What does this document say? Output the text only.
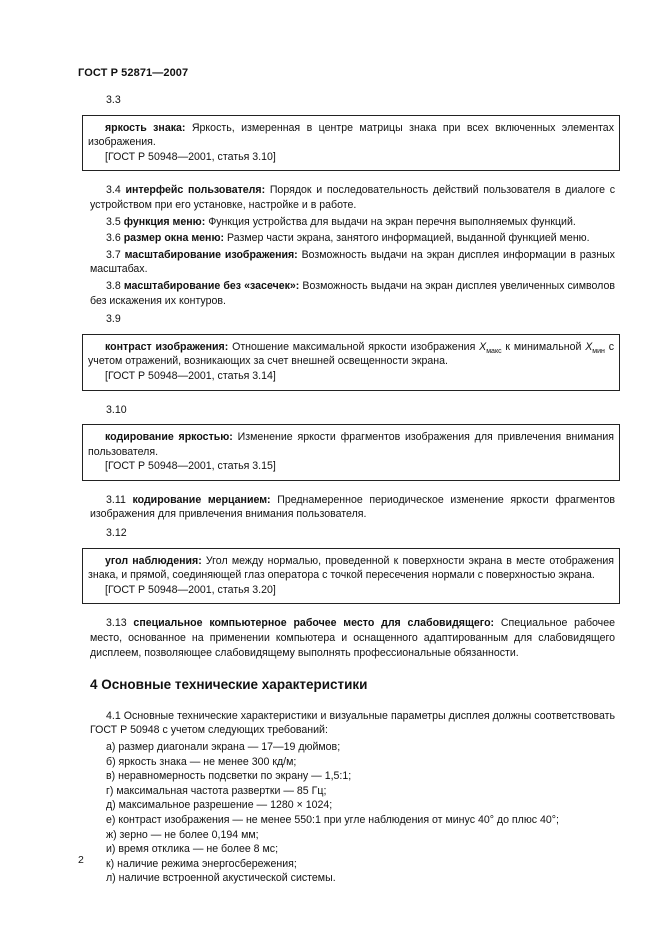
ГОСТ Р 52871—2007
3.3

яркость знака: Яркость, измеренная в центре матрицы знака при всех включенных элементах изображения.

[ГОСТ Р 50948—2001, статья 3.10]

3.4 интерфейс пользователя: Порядок и последовательность действий пользователя в диалоге с устройством при его установке, настройке и в работе.

3.5 функция меню: Функция устройства для выдачи на экран перечня выполняемых функций.

3.6 размер окна меню: Размер части экрана, занятого информацией, выданной функцией меню.

3.7 масштабирование изображения: Возможность выдачи на экран дисплея информации в разных масштабах.

3.8 масштабирование без «засечек»: Возможность выдачи на экран дисплея увеличенных символов без искажения их контуров.

3.9

контраст изображения: Отношение максимальной яркости изображения $X_{макс}$ к минимальной $X_{мин}$ с учетом отражений, возникающих за счет внешней освещенности экрана.

[ГОСТ Р 50948—2001, статья 3.14]

3.10

кодирование яркостью: Изменение яркости фрагментов изображения для привлечения внимания пользователя.

[ГОСТ Р 50948—2001, статья 3.15]

3.11 кодирование мерцанием: Преднамеренное периодическое изменение яркости фрагментов изображения для привлечения внимания пользователя.

3.12

угол наблюдения: Угол между нормалью, проведенной к поверхности экрана в месте отображения знака, и прямой, соединяющей глаз оператора с точкой пересечения нормали с поверхностью экрана.

[ГОСТ Р 50948—2001, статья 3.20]

3.13 специальное компьютерное рабочее место для слабовидящего: Специальное рабочее место, основанное на применении компьютера и оснащенного адаптированным для слабовидящего дисплеем, позволяющее слабовидящему выполнять профессиональные обязанности.

4 Основные технические характеристики

4.1 Основные технические характеристики и визуальные параметры дисплея должны соответствовать ГОСТ Р 50948 с учетом следующих требований:

а) размер диагонали экрана — 17—19 дюймов;
б) яркость знака — не менее 300 кд/м;
в) неравномерность подсветки по экрану — 1,5:1;
г) максимальная частота развертки — 85 Гц;
д) максимальное разрешение — 1280 × 1024;
е) контраст изображения — не менее 550:1 при угле наблюдения от минус 40° до плюс 40°;
ж) зерно — не более 0,194 мм;
и) время отклика — не более 8 мс;
к) наличие режима энергосбережения;
л) наличие встроенной акустической системы.
2
